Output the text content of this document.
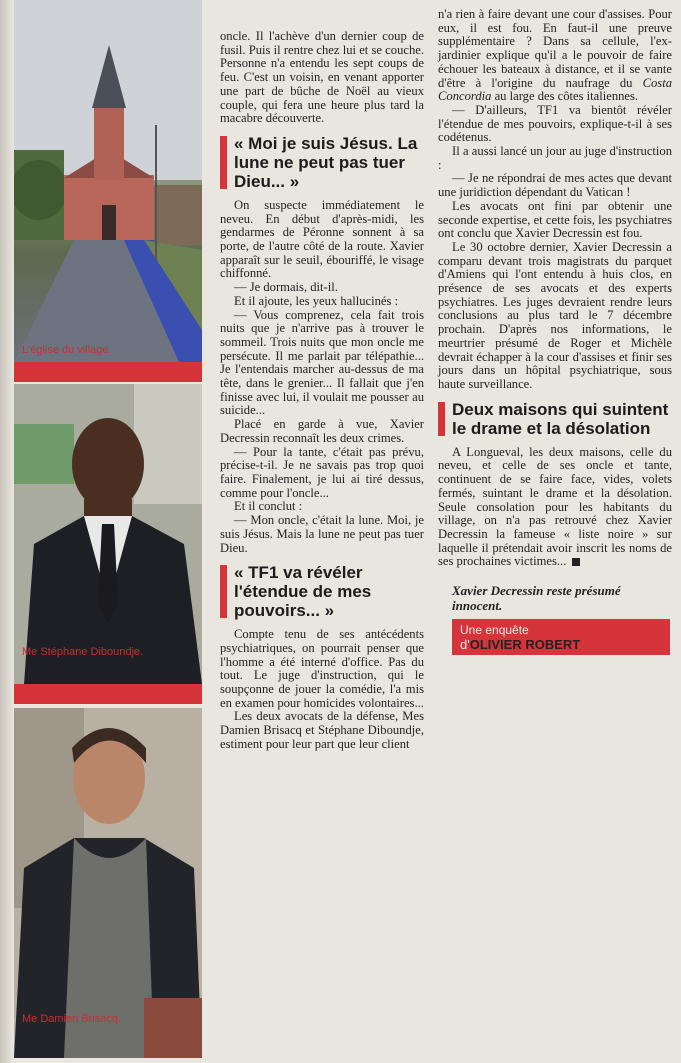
L'église du village.
Me Stéphane Diboundje.
Me Damien Brisacq.

oncle. Il l'achève d'un dernier coup de fusil. Puis il rentre chez lui et se couche. Personne n'a entendu les sept coups de feu. C'est un voisin, en venant apporter une part de bûche de Noël au vieux couple, qui fera une heure plus tard la macabre découverte.

« Moi je suis Jésus. La lune ne peut pas tuer Dieu... »

On suspecte immédiatement le neveu. En début d'après-midi, les gendarmes de Péronne sonnent à sa porte, de l'autre côté de la route. Xavier apparaît sur le seuil, ébouriffé, le visage chiffonné.

— Je dormais, dit-il.

Et il ajoute, les yeux hallucinés :

— Vous comprenez, cela fait trois nuits que je n'arrive pas à trouver le sommeil. Trois nuits que mon oncle me persécute. Il me parlait par télépathie... Je l'entendais marcher au-dessus de ma tête, dans le grenier... Il fallait que j'en finisse avec lui, il voulait me pousser au suicide...

Placé en garde à vue, Xavier Decressin reconnaît les deux crimes.

— Pour la tante, c'était pas prévu, précise-t-il. Je ne savais pas trop quoi faire. Finalement, je lui ai tiré dessus, comme pour l'oncle...

Et il conclut :

— Mon oncle, c'était la lune. Moi, je suis Jésus. Mais la lune ne peut pas tuer Dieu.

« TF1 va révéler l'étendue de mes pouvoirs... »

Compte tenu de ses antécédents psychiatriques, on pourrait penser que l'homme a été interné d'office. Pas du tout. Le juge d'instruction, qui le soupçonne de jouer la comédie, l'a mis en examen pour homicides volontaires...

Les deux avocats de la défense, Mes Damien Brisacq et Stéphane Diboundje, estiment pour leur part que leur client

n'a rien à faire devant une cour d'assises. Pour eux, il est fou. En faut-il une preuve supplémentaire ? Dans sa cellule, l'ex-jardinier explique qu'il a le pouvoir de faire échouer les bateaux à distance, et il se vante d'être à l'origine du naufrage du Costa Concordia au large des côtes italiennes.

— D'ailleurs, TF1 va bientôt révéler l'étendue de mes pouvoirs, explique-t-il à ses codétenus.

Il a aussi lancé un jour au juge d'instruction :

— Je ne répondrai de mes actes que devant une juridiction dépendant du Vatican !

Les avocats ont fini par obtenir une seconde expertise, et cette fois, les psychiatres ont conclu que Xavier Decressin est fou.

Le 30 octobre dernier, Xavier Decressin a comparu devant trois magistrats du parquet d'Amiens qui l'ont entendu à huis clos, en présence de ses avocats et des experts psychiatres. Les juges devraient rendre leurs conclusions au plus tard le 7 décembre prochain. D'après nos informations, le meurtrier présumé de Roger et Michèle devrait échapper à la cour d'assises et finir ses jours dans un hôpital psychiatrique, sous haute surveillance.

Deux maisons qui suintent le drame et la désolation

A Longueval, les deux maisons, celle du neveu, et celle de ses oncle et tante, continuent de se faire face, vides, volets fermés, suintant le drame et la désolation. Seule consolation pour les habitants du village, on n'a pas retrouvé chez Xavier Decressin la fameuse « liste noire » sur laquelle il prétendait avoir inscrit les noms de ses prochaines victimes...

Xavier Decressin reste présumé innocent.
Une enquête
d'OLIVIER ROBERT
